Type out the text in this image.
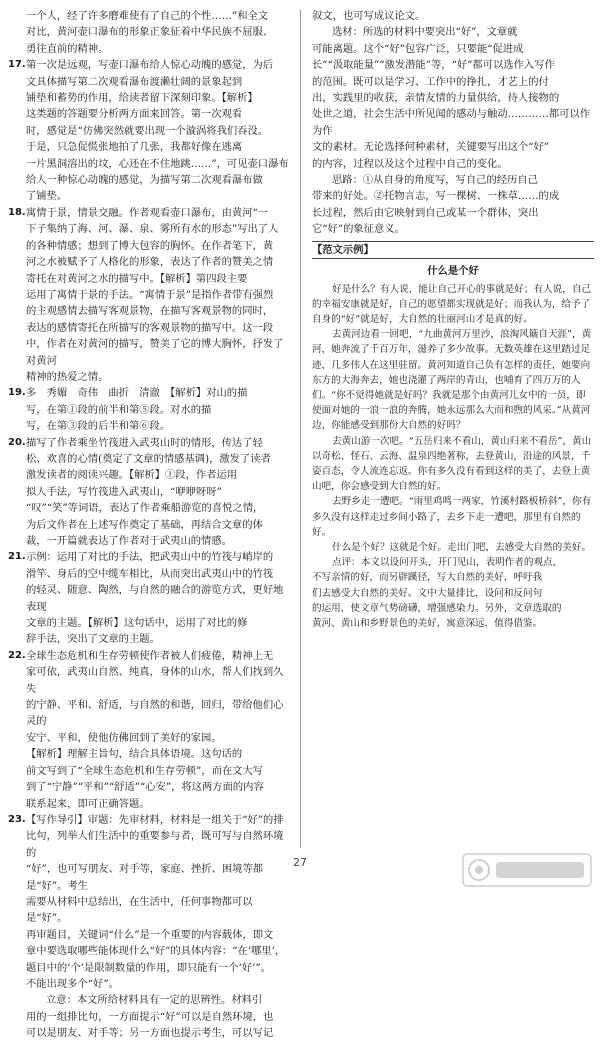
一个人，经了许多磨难使有了自己的个性……”和全文
对比，黄河壶口瀑布的形象正象征着中华民族不屈服、
勇往直前的精神。
17. 第一次是远观，写壶口瀑布给人惊心动魄的感觉，为后
文具体描写第二次观看瀑布渡濑壮阔的景象起到
铺垫和蓄势的作用，给读者留下深刻印象。【解析】
这类题的答题要分析两方面来回答。第一次观看
时，感觉是“仿佛突然就要出现一个漩涡将我们吞没。
于是，只急促慌张地拍了几张，我都好像在逃离
一片黑洞溶出的坟，心还在不住地跳……”，可见壶口瀑布
给人一种惊心动魄的感觉，为描写第二次观看瀑布做
了铺垫。
18. 寓情于景，情景交融。作者观看壶口瀑布，由黄河“一
下子集纳了海、河、瀑、泉、雾所有水的形态”写出了人
的各种情感；想到了博大包容的胸怀。在作者笔下，黄
河之水被赋予了人格化的形象，表达了作者的赞美之情
寄托在对黄河之水的描写中。【解析】第四段主要
运用了寓情于景的手法。“寓情于景”是指作者带有强烈
的主观感情去描写客观景物，在描写客观景物的同时，
表达的感情寄托在所描写的客观景物的描写中。这一段
中，作者在对黄河的描写，赞美了它的博大胸怀，抒发了对黄河
精神的热爱之情。
19. 多　秀媚　奇伟　曲折　清澈　【解析】对山的描
写，在第①段的前半和第⑤段。对水的描
写，在第③段的后半和第⑥段。
20. 描写了作者乘坐竹筏进入武夷山时的情形，传达了轻
松、欢喜的心情(奠定了文章的情感基调)，激发了读者
激发读者的阅读兴趣。【解析】①段，作者运用
拟人手法，写竹筏进入武夷山，“咿咿呀呀”
“叹”“笑”等词语，表达了作者乘船游览的喜悦之情，
为后文作者在上述写作奠定了基础，再结合文章的体
裁，一开篇就表达了作者对于武夷山的情感。
21. 示例：运用了对比的手法，把武夷山中的竹筏与峭岸的
滑竿、身后的空中缆车相比，从而突出武夷山中的竹筏
的轻灵、随意、陶然，与自然的融合的游览方式，更好地表现
文章的主题。【解析】这句话中，运用了对比的修
辞手法，突出了文章的主题。
22. 全球生态危机和生存劳顿使作者被人们疲倦，精神上无
家可依，武夷山自然、纯真，身体的山水，帮人们找到久失
的宁静、平和、舒适，与自然的和谐，回归，带给他们心灵的
安宁、平和，使他仿佛回到了美好的家园。
【解析】理解主旨句，结合具体语境。这句话的
前文写到了“全球生态危机和生存劳顿”，而在文大写
到了“宁静”“平和”“舒适”“心安”，将这两方面的内容
联系起来，即可正确答题。
23. 【写作导引】审题：先审材料，材料是一组关于“好”的排
比句，列举人们生活中的重要参与者，既可写与自然环境的
“好”，也可写朋友、对手等，家庭、挫折、困境等都是“好”。考生
需要从材料中总结出，在生活中，任何事物都可以是“好”。
再审题目，关键词“什么”是一个重要的内容载体，即文
章中要选取哪些能体现什么“好”的具体内容：“在‘哪里’，
题目中的‘个’是限制数量的作用，即只能有一个‘好’”。
不能出现多个“好”。
立意：本文所给材料具有一定的思辨性。材料引
用的一组排比句，一方面提示“好”可以是自然环境，也
可以是朋友、对手等；另一方面也提示考生，可以写记
叙文，也可写成议论文。
选材：所选的材料中要突出“好”，文章就
可能离题。这个“好”包容广泛，只要能“促进成
长”“汲取能量”“激发潜能”等，“好”都可以选作入写作
的范围。既可以是学习、工作中的挣扎，才艺上的付
出，实践里的收获，亲情友情的力量供给，待人接物的
处世之道，社会生活中所见闻的感动与触动…………都可以作为作
文的素材。无论选择何种素材，关键要写出这个“好”
的内容，过程以及这个过程中自己的变化。
思路：①从自身的角度写，写自己的经历自己
带来的好处。②托物言志，写一棵树、一株草……的成
长过程，然后由它映射到自己或某一个群体，突出
它“好”的象征意义。
【范文示例】
什么是个好
好是什么？有人说，能让自己开心的事就是好；有人说，自己的幸福安康就是好，自己的愿望都实现就是好；而我认为，给予了自身的“好”就是好，大自然的壮丽河山才是真的好。
去黄河边看一回吧，“九曲黄河万里沙，浪淘风簸自天涯”，黄河，她奔流了千百万年，滋养了多少故事。无数英雄在这里踏过足迹，几多伟人在这里驻留。黄河知道自己负有怎样的责任，她要向东方的大海奔去，她也浇灌了两岸的青山，也哺育了四万万的人们。“你不觉得她就是好吗？我就是那个由黄河儿女中的一员，即使面对她的一浪一浪的奔腾，她永远那么大而和煦的风采。”从黄河边，你能感受到那份大自然的好吗？
去黄山游一次吧。“五岳归来不看山，黄山归来不看岳”，黄山以奇松、怪石、云海、温泉四绝著称，去登黄山，沿途的风景，千姿百态，令人流连忘返。你有多久没有看到这样的美了，去登上黄山吧，你会感受到大自然的好。
去野乡走一遭吧。“雨里鸡鸣一两家，竹溪村路板桥斜”，你有多久没有这样走过乡间小路了，去乡下走一遭吧，那里有自然的好。
什么是个好？这就是个好。走出门吧，去感受大自然的美好。
点评：本文以设问开头，开门见山，表明作者的观点，
不写亲情的好，而另辟蹊径，写大自然的美好，呼吁我
们去感受大自然的美好。文中大量排比，设问和反问句
的运用，使文章气势磅礴，增强感染力。另外，文章选取的
黄河、黄山和乡野景色的美好，寓意深远，值得借鉴。
27
